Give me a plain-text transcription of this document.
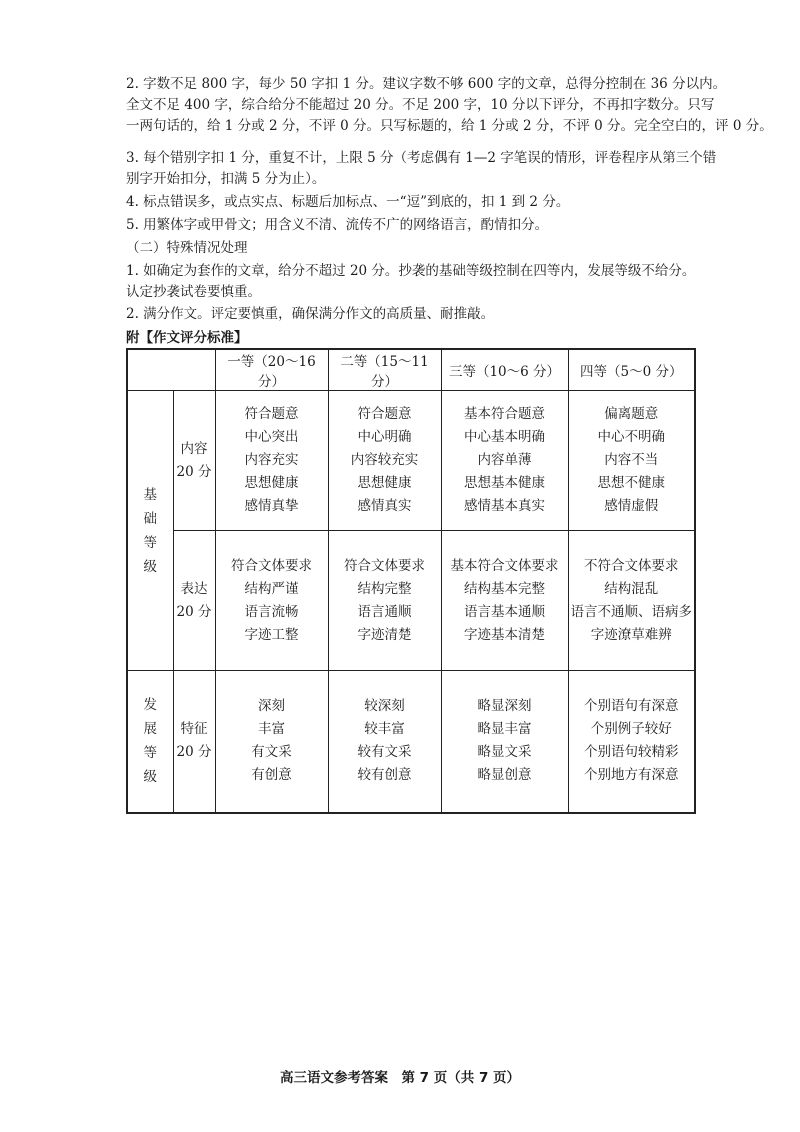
2. 字数不足 800 字，每少 50 字扣 1 分。建议字数不够 600 字的文章，总得分控制在 36 分以内。
全文不足 400 字，综合给分不能超过 20 分。不足 200 字，10 分以下评分，不再扣字数分。只写
一两句话的，给 1 分或 2 分，不评 0 分。只写标题的，给 1 分或 2 分，不评 0 分。完全空白的，评 0 分。
3. 每个错别字扣 1 分，重复不计，上限 5 分（考虑偶有 1—2 字笔误的情形，评卷程序从第三个错
别字开始扣分，扣满 5 分为止）。
4. 标点错误多，或点实点、标题后加标点、一“逗”到底的，扣 1 到 2 分。
5. 用繁体字或甲骨文；用含义不清、流传不广的网络语言，酌情扣分。
（二）特殊情况处理
1. 如确定为套作的文章，给分不超过 20 分。抄袭的基础等级控制在四等内，发展等级不给分。
认定抄袭试卷要慎重。
2. 满分作文。评定要慎重，确保满分作文的高质量、耐推敲。
附【作文评分标准】
		一等（20～16 分）	二等（15～11 分）	三等（10～6 分）	四等（5～0 分）

基
础
等
级	内容
20 分	符合题意
中心突出
内容充实
思想健康
感情真挚	符合题意
中心明确
内容较充实
思想健康
感情真实	基本符合题意
中心基本明确
内容单薄
思想基本健康
感情基本真实	偏离题意
中心不明确
内容不当
思想不健康
感情虚假

	表达
20 分	符合文体要求
结构严谨
语言流畅
字迹工整	符合文体要求
结构完整
语言通顺
字迹清楚	基本符合文体要求
结构基本完整
语言基本通顺
字迹基本清楚	不符合文体要求
结构混乱
语言不通顺、语病多
字迹潦草难辨

发
展
等
级	特征
20 分	深刻
丰富
有文采
有创意	较深刻
较丰富
较有文采
较有创意	略显深刻
略显丰富
略显文采
略显创意	个别语句有深意
个别例子较好
个别语句较精彩
个别地方有深意
高三语文参考答案　第 7 页（共 7 页）
